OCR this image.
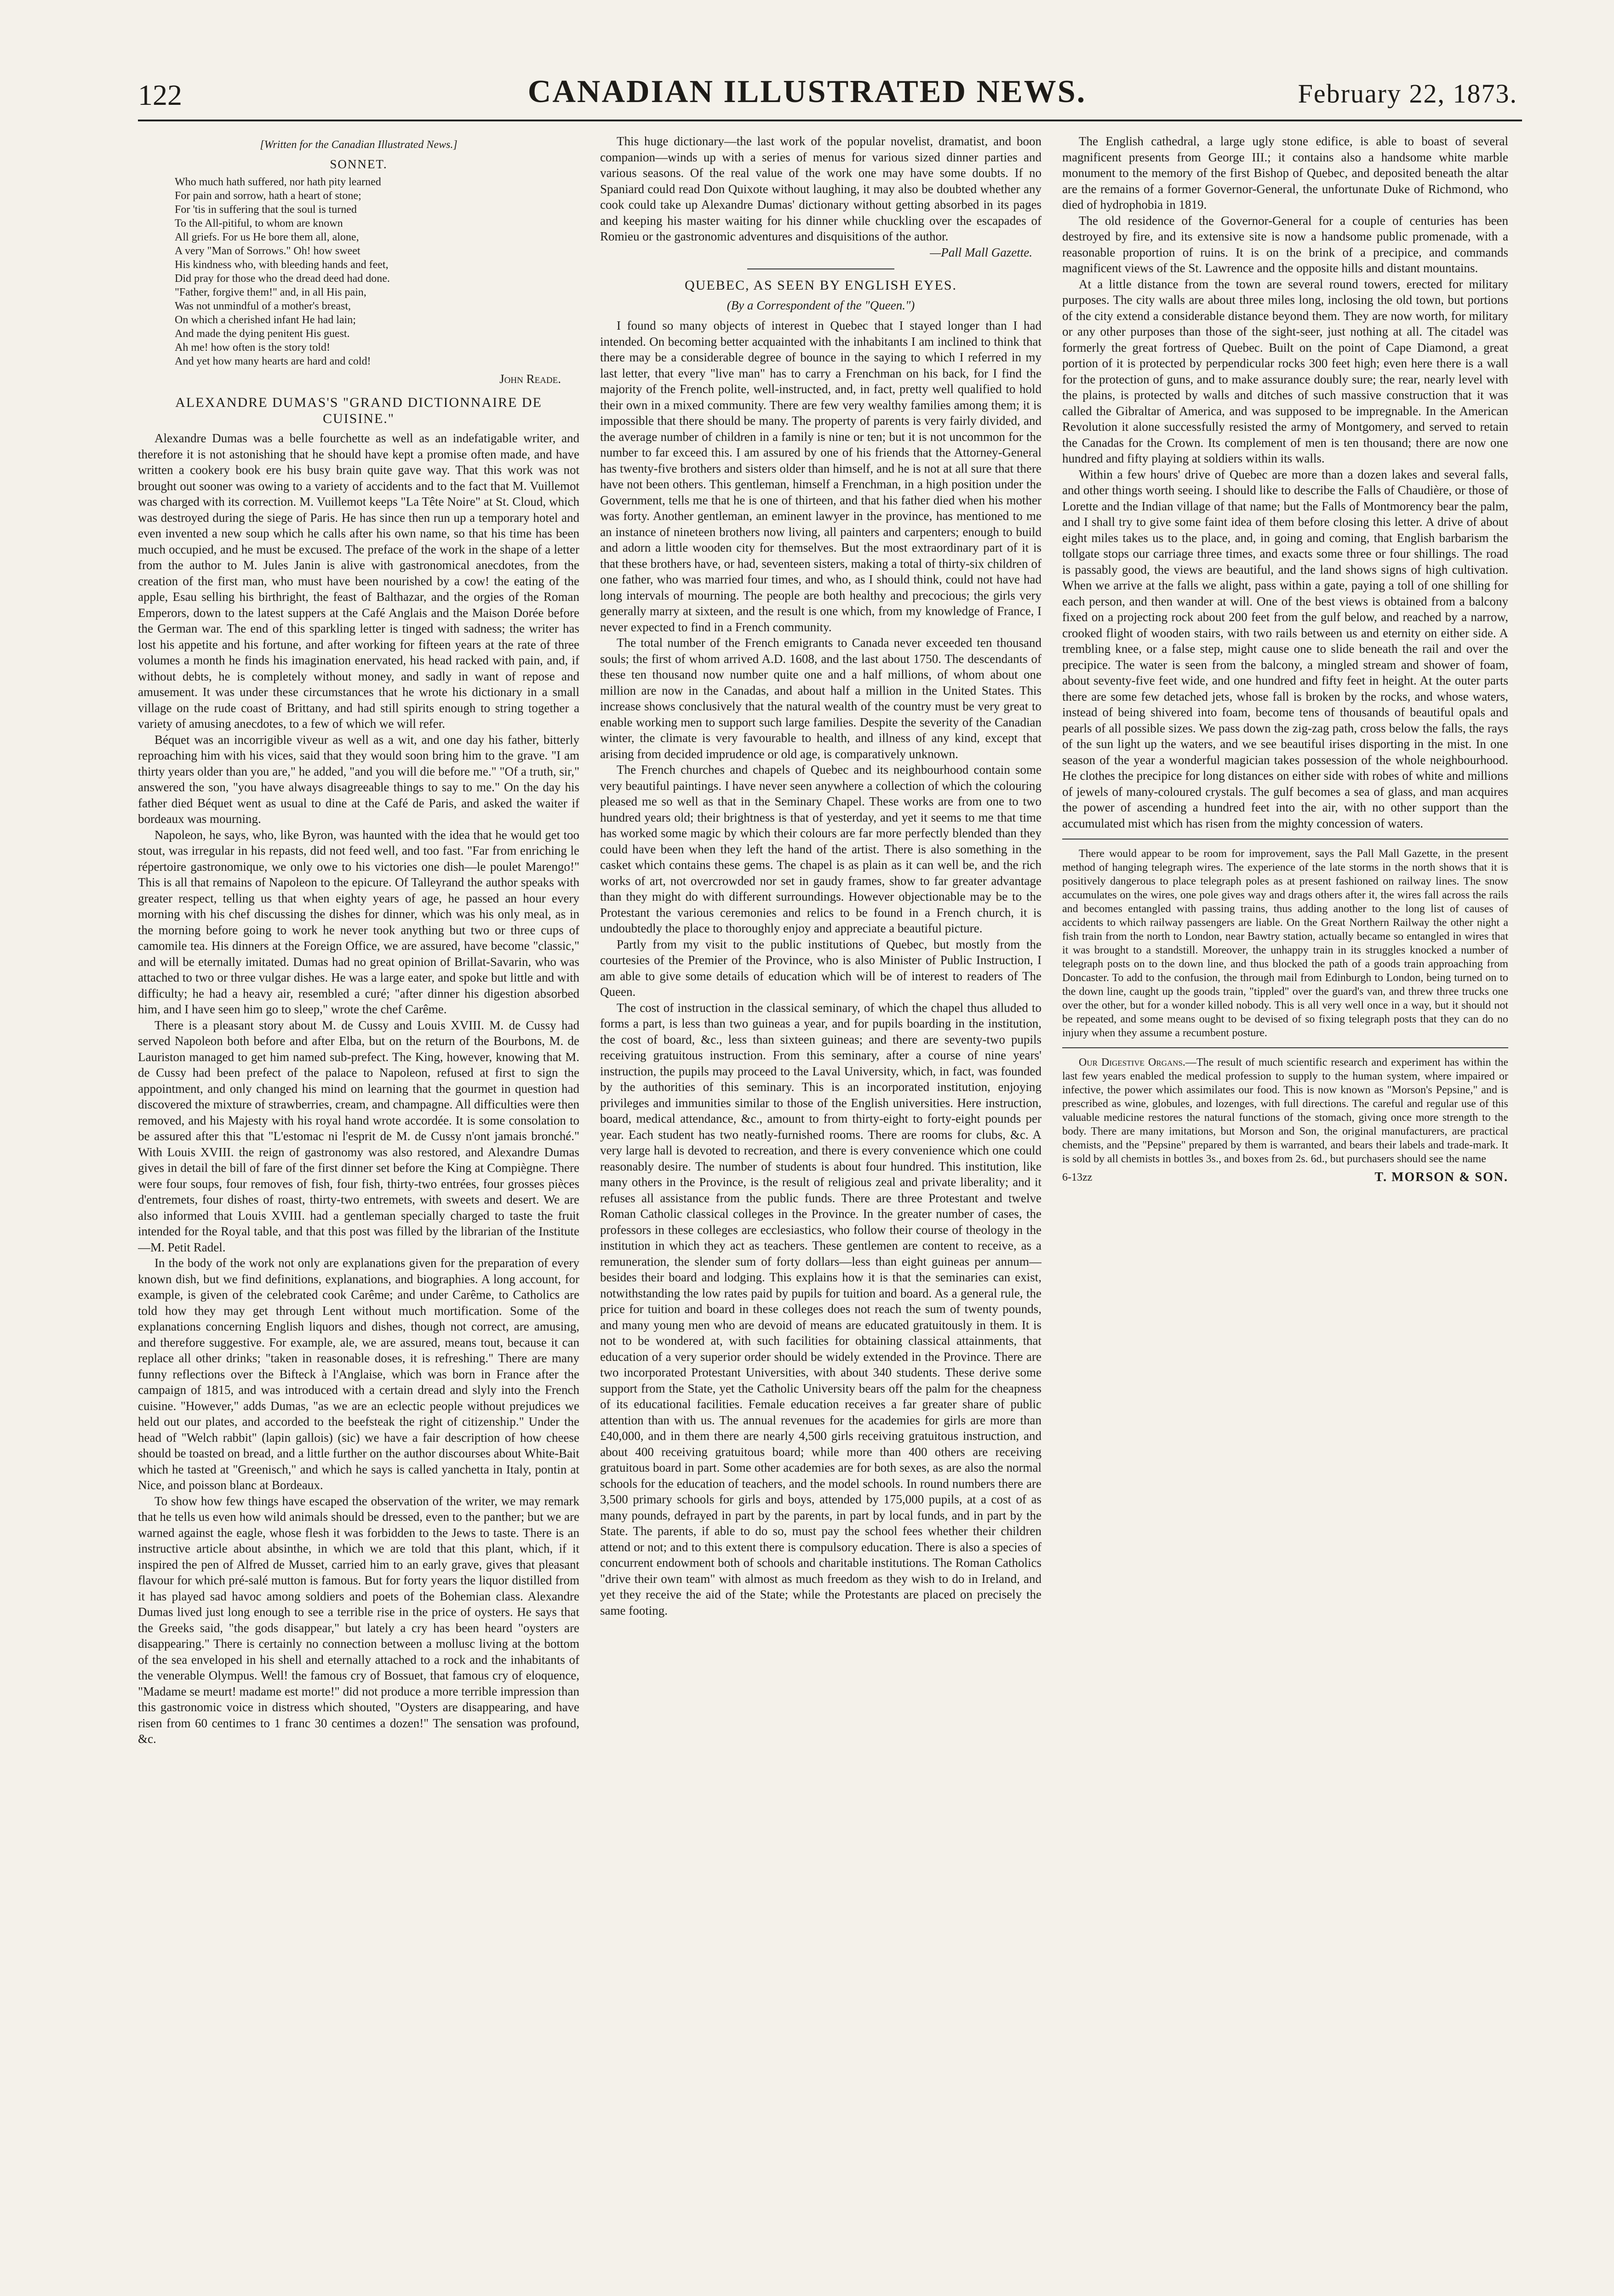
122	CANADIAN ILLUSTRATED NEWS.	February 22, 1873.
[Written for the Canadian Illustrated News.]
SONNET.
Who much hath suffered, nor hath pity learned
For pain and sorrow, hath a heart of stone;
For 'tis in suffering that the soul is turned
To the All-pitiful, to whom are known
All griefs. For us He bore them all, alone,
A very "Man of Sorrows." Oh! how sweet
His kindness who, with bleeding hands and feet,
Did pray for those who the dread deed had done.
"Father, forgive them!" and, in all His pain,
Was not unmindful of a mother's breast,
On which a cherished infant He had lain;
And made the dying penitent His guest.
Ah me! how often is the story told!
And yet how many hearts are hard and cold!
John Reade.
ALEXANDRE DUMAS'S "GRAND DICTIONNAIRE DE CUISINE."

Alexandre Dumas was a belle fourchette as well as an indefatigable writer, and therefore it is not astonishing that he should have kept a promise often made, and have written a cookery book ere his busy brain quite gave way. That this work was not brought out sooner was owing to a variety of accidents and to the fact that M. Vuillemot was charged with its correction. M. Vuillemot keeps "La Tête Noire" at St. Cloud, which was destroyed during the siege of Paris. He has since then run up a temporary hotel and even invented a new soup which he calls after his own name, so that his time has been much occupied, and he must be excused. The preface of the work in the shape of a letter from the author to M. Jules Janin is alive with gastronomical anecdotes, from the creation of the first man, who must have been nourished by a cow! the eating of the apple, Esau selling his birthright, the feast of Balthazar, and the orgies of the Roman Emperors, down to the latest suppers at the Café Anglais and the Maison Dorée before the German war. The end of this sparkling letter is tinged with sadness; the writer has lost his appetite and his fortune, and after working for fifteen years at the rate of three volumes a month he finds his imagination enervated, his head racked with pain, and, if without debts, he is completely without money, and sadly in want of repose and amusement. It was under these circumstances that he wrote his dictionary in a small village on the rude coast of Brittany, and had still spirits enough to string together a variety of amusing anecdotes, to a few of which we will refer.

Béquet was an incorrigible viveur as well as a wit, and one day his father, bitterly reproaching him with his vices, said that they would soon bring him to the grave. "I am thirty years older than you are," he added, "and you will die before me." "Of a truth, sir," answered the son, "you have always disagreeable things to say to me." On the day his father died Béquet went as usual to dine at the Café de Paris, and asked the waiter if bordeaux was mourning.

Napoleon, he says, who, like Byron, was haunted with the idea that he would get too stout, was irregular in his repasts, did not feed well, and too fast. "Far from enriching le répertoire gastronomique, we only owe to his victories one dish—le poulet Marengo!" This is all that remains of Napoleon to the epicure. Of Talleyrand the author speaks with greater respect, telling us that when eighty years of age, he passed an hour every morning with his chef discussing the dishes for dinner, which was his only meal, as in the morning before going to work he never took anything but two or three cups of camomile tea. His dinners at the Foreign Office, we are assured, have become "classic," and will be eternally imitated. Dumas had no great opinion of Brillat-Savarin, who was attached to two or three vulgar dishes. He was a large eater, and spoke but little and with difficulty; he had a heavy air, resembled a curé; "after dinner his digestion absorbed him, and I have seen him go to sleep," wrote the chef Carême.

There is a pleasant story about M. de Cussy and Louis XVIII. M. de Cussy had served Napoleon both before and after Elba, but on the return of the Bourbons, M. de Lauriston managed to get him named sub-prefect. The King, however, knowing that M. de Cussy had been prefect of the palace to Napoleon, refused at first to sign the appointment, and only changed his mind on learning that the gourmet in question had discovered the mixture of strawberries, cream, and champagne. All difficulties were then removed, and his Majesty with his royal hand wrote accordée. It is some consolation to be assured after this that "L'estomac ni l'esprit de M. de Cussy n'ont jamais bronché." With Louis XVIII. the reign of gastronomy was also restored, and Alexandre Dumas gives in detail the bill of fare of the first dinner set before the King at Compiègne. There were four soups, four removes of fish, four fish, thirty-two entrées, four grosses pièces d'entremets, four dishes of roast, thirty-two entremets, with sweets and desert. We are also informed that Louis XVIII. had a gentleman specially charged to taste the fruit intended for the Royal table, and that this post was filled by the librarian of the Institute—M. Petit Radel.

In the body of the work not only are explanations given for the preparation of every known dish, but we find definitions, explanations, and biographies. A long account, for example, is given of the celebrated cook Carême; and under Carême, to Catholics are told how they may get through Lent without much mortification. Some of the explanations concerning English liquors and dishes, though not correct, are amusing, and therefore suggestive. For example, ale, we are assured, means tout, because it can replace all other drinks; "taken in reasonable doses, it is refreshing." There are many funny reflections over the Bifteck à l'Anglaise, which was born in France after the campaign of 1815, and was introduced with a certain dread and slyly into the French cuisine. "However," adds Dumas, "as we are an eclectic people without prejudices we held out our plates, and accorded to the beefsteak the right of citizenship." Under the head of "Welch rabbit" (lapin gallois) (sic) we have a fair description of how cheese should be toasted on bread, and a little further on the author discourses about White-Bait which he tasted at "Greenisch," and which he says is called yanchetta in Italy, pontin at Nice, and poisson blanc at Bordeaux.

To show how few things have escaped the observation of the writer, we may remark that he tells us even how wild animals should be dressed, even to the panther; but we are warned against the eagle, whose flesh it was forbidden to the Jews to taste. There is an instructive article about absinthe, in which we are told that this plant, which, if it inspired the pen of Alfred de Musset, carried him to an early grave, gives that pleasant flavour for which pré-salé mutton is famous. But for forty years the liquor distilled from it has played sad havoc among soldiers and poets of the Bohemian class. Alexandre Dumas lived just long enough to see a terrible rise in the price of oysters. He says that the Greeks said, "the gods disappear," but lately a cry has been heard "oysters are disappearing." There is certainly no connection between a mollusc living at the bottom of the sea enveloped in his shell and eternally attached to a rock and the inhabitants of the venerable Olympus. Well! the famous cry of Bossuet, that famous cry of eloquence, "Madame se meurt! madame est morte!" did not produce a more terrible impression than this gastronomic voice in distress which shouted, "Oysters are disappearing, and have risen from 60 centimes to 1 franc 30 centimes a dozen!" The sensation was profound, &c.

This huge dictionary—the last work of the popular novelist, dramatist, and boon companion—winds up with a series of menus for various sized dinner parties and various seasons. Of the real value of the work one may have some doubts. If no Spaniard could read Don Quixote without laughing, it may also be doubted whether any cook could take up Alexandre Dumas' dictionary without getting absorbed in its pages and keeping his master waiting for his dinner while chuckling over the escapades of Romieu or the gastronomic adventures and disquisitions of the author.

—Pall Mall Gazette.
QUEBEC, AS SEEN BY ENGLISH EYES.
(By a Correspondent of the "Queen.")

I found so many objects of interest in Quebec that I stayed longer than I had intended. On becoming better acquainted with the inhabitants I am inclined to think that there may be a considerable degree of bounce in the saying to which I referred in my last letter, that every "live man" has to carry a Frenchman on his back, for I find the majority of the French polite, well-instructed, and, in fact, pretty well qualified to hold their own in a mixed community. There are few very wealthy families among them; it is impossible that there should be many. The property of parents is very fairly divided, and the average number of children in a family is nine or ten; but it is not uncommon for the number to far exceed this. I am assured by one of his friends that the Attorney-General has twenty-five brothers and sisters older than himself, and he is not at all sure that there have not been others. This gentleman, himself a Frenchman, in a high position under the Government, tells me that he is one of thirteen, and that his father died when his mother was forty. Another gentleman, an eminent lawyer in the province, has mentioned to me an instance of nineteen brothers now living, all painters and carpenters; enough to build and adorn a little wooden city for themselves. But the most extraordinary part of it is that these brothers have, or had, seventeen sisters, making a total of thirty-six children of one father, who was married four times, and who, as I should think, could not have had long intervals of mourning. The people are both healthy and precocious; the girls very generally marry at sixteen, and the result is one which, from my knowledge of France, I never expected to find in a French community.

The total number of the French emigrants to Canada never exceeded ten thousand souls; the first of whom arrived A.D. 1608, and the last about 1750. The descendants of these ten thousand now number quite one and a half millions, of whom about one million are now in the Canadas, and about half a million in the United States. This increase shows conclusively that the natural wealth of the country must be very great to enable working men to support such large families. Despite the severity of the Canadian winter, the climate is very favourable to health, and illness of any kind, except that arising from decided imprudence or old age, is comparatively unknown.

The French churches and chapels of Quebec and its neighbourhood contain some very beautiful paintings. I have never seen anywhere a collection of which the colouring pleased me so well as that in the Seminary Chapel. These works are from one to two hundred years old; their brightness is that of yesterday, and yet it seems to me that time has worked some magic by which their colours are far more perfectly blended than they could have been when they left the hand of the artist. There is also something in the casket which contains these gems. The chapel is as plain as it can well be, and the rich works of art, not overcrowded nor set in gaudy frames, show to far greater advantage than they might do with different surroundings. However objectionable may be to the Protestant the various ceremonies and relics to be found in a French church, it is undoubtedly the place to thoroughly enjoy and appreciate a beautiful picture.

Partly from my visit to the public institutions of Quebec, but mostly from the courtesies of the Premier of the Province, who is also Minister of Public Instruction, I am able to give some details of education which will be of interest to readers of The Queen.

The cost of instruction in the classical seminary, of which the chapel thus alluded to forms a part, is less than two guineas a year, and for pupils boarding in the institution, the cost of board, &c., less than sixteen guineas; and there are seventy-two pupils receiving gratuitous instruction. From this seminary, after a course of nine years' instruction, the pupils may proceed to the Laval University, which, in fact, was founded by the authorities of this seminary. This is an incorporated institution, enjoying privileges and immunities similar to those of the English universities. Here instruction, board, medical attendance, &c., amount to from thirty-eight to forty-eight pounds per year. Each student has two neatly-furnished rooms. There are rooms for clubs, &c. A very large hall is devoted to recreation, and there is every convenience which one could reasonably desire. The number of students is about four hundred. This institution, like many others in the Province, is the result of religious zeal and private liberality; and it refuses all assistance from the public funds. There are three Protestant and twelve Roman Catholic classical colleges in the Province. In the greater number of cases, the professors in these colleges are ecclesiastics, who follow their course of theology in the institution in which they act as teachers. These gentlemen are content to receive, as a remuneration, the slender sum of forty dollars—less than eight guineas per annum—besides their board and lodging. This explains how it is that the seminaries can exist, notwithstanding the low rates paid by pupils for tuition and board. As a general rule, the price for tuition and board in these colleges does not reach the sum of twenty pounds, and many young men who are devoid of means are educated gratuitously in them. It is not to be wondered at, with such facilities for obtaining classical attainments, that education of a very superior order should be widely extended in the Province. There are two incorporated Protestant Universities, with about 340 students. These derive some support from the State, yet the Catholic University bears off the palm for the cheapness of its educational facilities. Female education receives a far greater share of public attention than with us. The annual revenues for the academies for girls are more than £40,000, and in them there are nearly 4,500 girls receiving gratuitous instruction, and about 400 receiving gratuitous board; while more than 400 others are receiving gratuitous board in part. Some other academies are for both sexes, as are also the normal schools for the education of teachers, and the model schools. In round numbers there are 3,500 primary schools for girls and boys, attended by 175,000 pupils, at a cost of as many pounds, defrayed in part by the parents, in part by local funds, and in part by the State. The parents, if able to do so, must pay the school fees whether their children attend or not; and to this extent there is compulsory education. There is also a species of concurrent endowment both of schools and charitable institutions. The Roman Catholics "drive their own team" with almost as much freedom as they wish to do in Ireland, and yet they receive the aid of the State; while the Protestants are placed on precisely the same footing.

The English cathedral, a large ugly stone edifice, is able to boast of several magnificent presents from George III.; it contains also a handsome white marble monument to the memory of the first Bishop of Quebec, and deposited beneath the altar are the remains of a former Governor-General, the unfortunate Duke of Richmond, who died of hydrophobia in 1819.

The old residence of the Governor-General for a couple of centuries has been destroyed by fire, and its extensive site is now a handsome public promenade, with a reasonable proportion of ruins. It is on the brink of a precipice, and commands magnificent views of the St. Lawrence and the opposite hills and distant mountains.

At a little distance from the town are several round towers, erected for military purposes. The city walls are about three miles long, inclosing the old town, but portions of the city extend a considerable distance beyond them. They are now worth, for military or any other purposes than those of the sight-seer, just nothing at all. The citadel was formerly the great fortress of Quebec. Built on the point of Cape Diamond, a great portion of it is protected by perpendicular rocks 300 feet high; even here there is a wall for the protection of guns, and to make assurance doubly sure; the rear, nearly level with the plains, is protected by walls and ditches of such massive construction that it was called the Gibraltar of America, and was supposed to be impregnable. In the American Revolution it alone successfully resisted the army of Montgomery, and served to retain the Canadas for the Crown. Its complement of men is ten thousand; there are now one hundred and fifty playing at soldiers within its walls.

Within a few hours' drive of Quebec are more than a dozen lakes and several falls, and other things worth seeing. I should like to describe the Falls of Chaudière, or those of Lorette and the Indian village of that name; but the Falls of Montmorency bear the palm, and I shall try to give some faint idea of them before closing this letter. A drive of about eight miles takes us to the place, and, in going and coming, that English barbarism the tollgate stops our carriage three times, and exacts some three or four shillings. The road is passably good, the views are beautiful, and the land shows signs of high cultivation. When we arrive at the falls we alight, pass within a gate, paying a toll of one shilling for each person, and then wander at will. One of the best views is obtained from a balcony fixed on a projecting rock about 200 feet from the gulf below, and reached by a narrow, crooked flight of wooden stairs, with two rails between us and eternity on either side. A trembling knee, or a false step, might cause one to slide beneath the rail and over the precipice. The water is seen from the balcony, a mingled stream and shower of foam, about seventy-five feet wide, and one hundred and fifty feet in height. At the outer parts there are some few detached jets, whose fall is broken by the rocks, and whose waters, instead of being shivered into foam, become tens of thousands of beautiful opals and pearls of all possible sizes. We pass down the zig-zag path, cross below the falls, the rays of the sun light up the waters, and we see beautiful irises disporting in the mist. In one season of the year a wonderful magician takes possession of the whole neighbourhood. He clothes the precipice for long distances on either side with robes of white and millions of jewels of many-coloured crystals. The gulf becomes a sea of glass, and man acquires the power of ascending a hundred feet into the air, with no other support than the accumulated mist which has risen from the mighty concession of waters.

There would appear to be room for improvement, says the Pall Mall Gazette, in the present method of hanging telegraph wires. The experience of the late storms in the north shows that it is positively dangerous to place telegraph poles as at present fashioned on railway lines. The snow accumulates on the wires, one pole gives way and drags others after it, the wires fall across the rails and becomes entangled with passing trains, thus adding another to the long list of causes of accidents to which railway passengers are liable. On the Great Northern Railway the other night a fish train from the north to London, near Bawtry station, actually became so entangled in wires that it was brought to a standstill. Moreover, the unhappy train in its struggles knocked a number of telegraph posts on to the down line, and thus blocked the path of a goods train approaching from Doncaster. To add to the confusion, the through mail from Edinburgh to London, being turned on to the down line, caught up the goods train, "tippled" over the guard's van, and threw three trucks one over the other, but for a wonder killed nobody. This is all very well once in a way, but it should not be repeated, and some means ought to be devised of so fixing telegraph posts that they can do no injury when they assume a recumbent posture.

Our Digestive Organs.—The result of much scientific research and experiment has within the last few years enabled the medical profession to supply to the human system, where impaired or infective, the power which assimilates our food. This is now known as "Morson's Pepsine," and is prescribed as wine, globules, and lozenges, with full directions. The careful and regular use of this valuable medicine restores the natural functions of the stomach, giving once more strength to the body. There are many imitations, but Morson and Son, the original manufacturers, are practical chemists, and the "Pepsine" prepared by them is warranted, and bears their labels and trade-mark. It is sold by all chemists in bottles 3s., and boxes from 2s. 6d., but purchasers should see the name

6-13zz	T. MORSON & SON.
